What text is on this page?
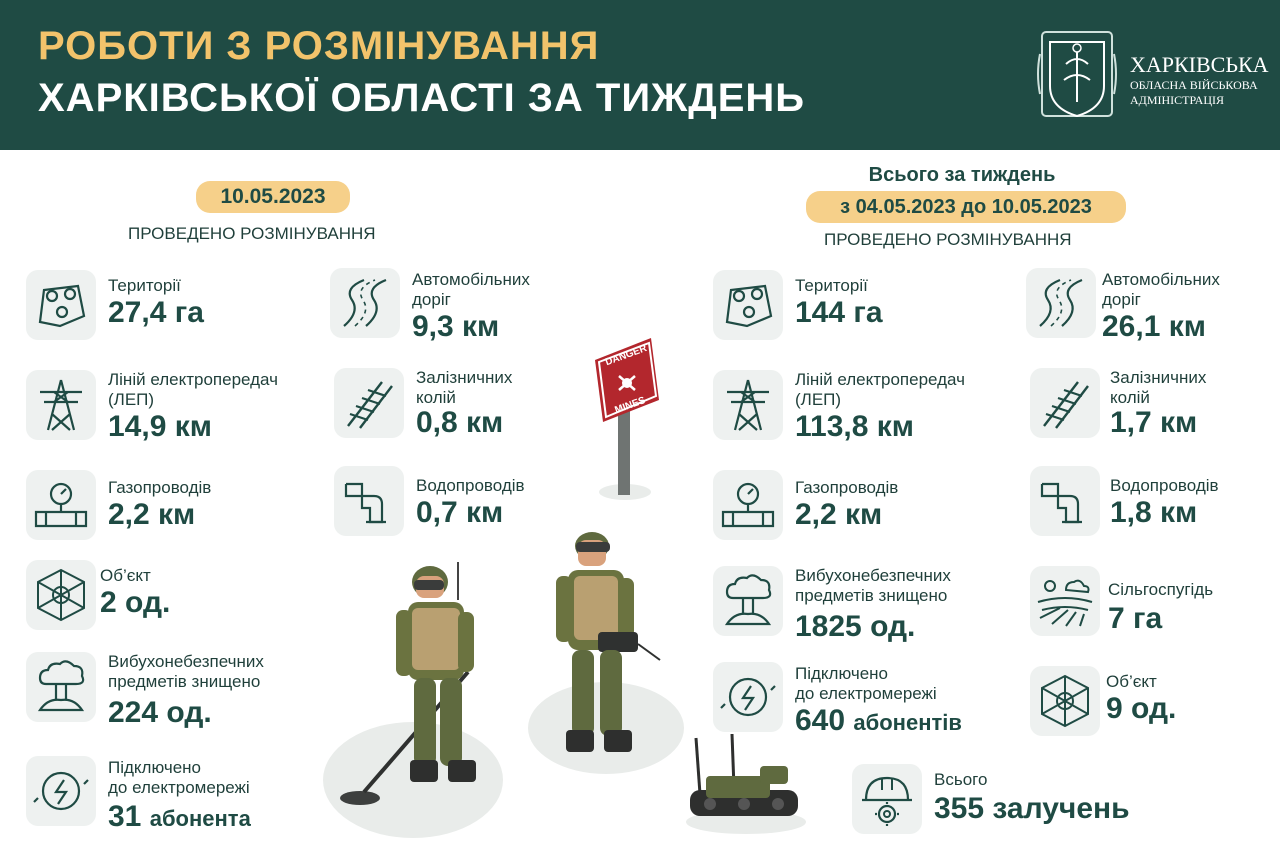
РОБОТИ З РОЗМІНУВАННЯ
ХАРКІВСЬКОЇ ОБЛАСТІ ЗА ТИЖДЕНЬ
ХАРКІВСЬКА
ОБЛАСНА ВІЙСЬКОВА
АДМІНІСТРАЦІЯ
10.05.2023
ПРОВЕДЕНО РОЗМІНУВАННЯ
Території
27,4 га
Автомобільних
доріг
9,3 км
Ліній електропередач
(ЛЕП)
14,9 км
Залізничних
колій
0,8 км
Газопроводів
2,2 км
Водопроводів
0,7 км
Об’єкт
2 од.
Вибухонебезпечних
предметів знищено
224 од.
Підключено
до електромережі
31 абонента
DANGER
MINES
Всього за тиждень
з 04.05.2023 до 10.05.2023
ПРОВЕДЕНО РОЗМІНУВАННЯ
Території
144 га
Автомобільних
доріг
26,1 км
Ліній електропередач
(ЛЕП)
113,8 км
Залізничних
колій
1,7 км
Газопроводів
2,2 км
Водопроводів
1,8 км
Вибухонебезпечних
предметів знищено
1825 од.
Сільгоспугідь
7 га
Підключено
до електромережі
640 абонентів
Об’єкт
9 од.
Всього
355 залучень
